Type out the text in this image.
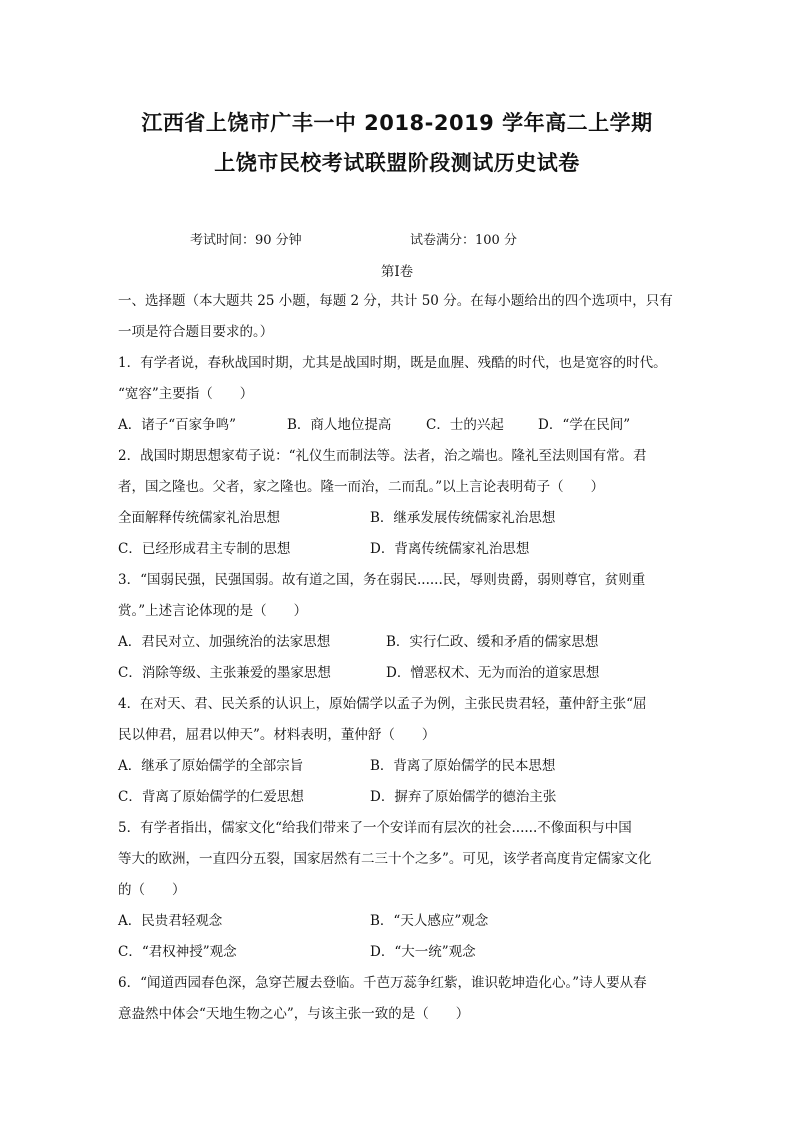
江西省上饶市广丰一中 2018-2019 学年高二上学期
上饶市民校考试联盟阶段测试历史试卷
考试时间：90 分钟	试卷满分：100 分
第Ⅰ卷
一、选择题（本大题共 25 小题，每题 2 分，共计 50 分。在每小题给出的四个选项中，只有
一项是符合题目要求的。）
1．有学者说，春秋战国时期，尤其是战国时期，既是血腥、残酷的时代，也是宽容的时代。
“宽容”主要指（　　）
A．诸子“百家争鸣”	B．商人地位提高	C．士的兴起	D．“学在民间”
2．战国时期思想家荀子说：“礼仪生而制法等。法者，治之端也。隆礼至法则国有常。君
者，国之隆也。父者，家之隆也。隆一而治，二而乱。”以上言论表明荀子（　　）
全面解释传统儒家礼治思想	B．继承发展传统儒家礼治思想
C．已经形成君主专制的思想	D．背离传统儒家礼治思想
3．“国弱民强，民强国弱。故有道之国，务在弱民......民，辱则贵爵，弱则尊官，贫则重
赏。”上述言论体现的是（　　）
A．君民对立、加强统治的法家思想	B．实行仁政、缓和矛盾的儒家思想
C．消除等级、主张兼爱的墨家思想	D．憎恶权术、无为而治的道家思想
4．在对天、君、民关系的认识上，原始儒学以孟子为例，主张民贵君轻，董仲舒主张“屈
民以伸君，屈君以伸天”。材料表明，董仲舒（　　）
A．继承了原始儒学的全部宗旨	B．背离了原始儒学的民本思想
C．背离了原始儒学的仁爱思想	D．摒弃了原始儒学的德治主张
5．有学者指出，儒家文化“给我们带来了一个安详而有层次的社会......不像面积与中国
等大的欧洲，一直四分五裂，国家居然有二三十个之多”。可见，该学者高度肯定儒家文化
的（　　）
A．民贵君轻观念	B．“天人感应”观念
C．“君权神授”观念	D．“大一统”观念
6．“闻道西园春色深，急穿芒履去登临。千芭万蕊争红紫，谁识乾坤造化心。”诗人要从春
意盎然中体会“天地生物之心”，与该主张一致的是（　　）
